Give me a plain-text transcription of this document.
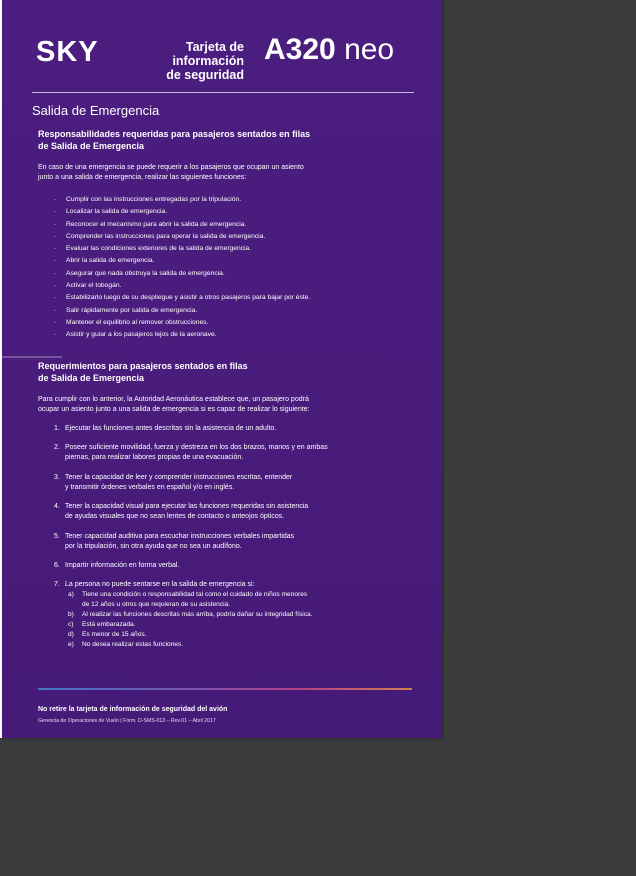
SKY	Tarjeta de información
de seguridad
A320 neo
Salida de Emergencia
Responsabilidades requeridas para pasajeros sentados en filas
de Salida de Emergencia
En caso de una emergencia se puede requerir a los pasajeros que ocupan un asiento
junto a una salida de emergencia, realizar las siguientes funciones:
· Cumplir con las instrucciones entregadas por la tripulación.
· Localizar la salida de emergencia.
· Reconocer el mecanismo para abrir la salida de emergencia.
· Comprender las instrucciones para operar la salida de emergencia.
· Evaluar las condiciones exteriores de la salida de emergencia.
· Abrir la salida de emergencia.
· Asegurar que nada obstruya la salida de emergencia.
· Activar el tobogán.
· Estabilizarlo luego de su despliegue y asistir a otros pasajeros para bajar por éste.
· Salir rápidamente por salida de emergencia.
· Mantener el equilibrio al remover obstrucciones.
· Asistir y guiar a los pasajeros lejos de la aeronave.
Requerimientos para pasajeros sentados en filas
de Salida de Emergencia
Para cumplir con lo anterior, la Autoridad Aeronáutica establece que, un pasajero podrá
ocupar un asiento junto a una salida de emergencia si es capaz de realizar lo siguiente:
1. Ejecutar las funciones antes descritas sin la asistencia de un adulto.
2. Poseer suficiente movilidad, fuerza y destreza en los dos brazos, manos y en ambas
piernas, para realizar labores propias de una evacuación.
3. Tener la capacidad de leer y comprender instrucciones escritas, entender
y transmitir órdenes verbales en español y/o en inglés.
4. Tener la capacidad visual para ejecutar las funciones requeridas sin asistencia
de ayudas visuales que no sean lentes de contacto o anteojos ópticos.
5. Tener capacidad auditiva para escuchar instrucciones verbales impartidas
por la tripulación, sin otra ayuda que no sea un audífono.
6. Impartir información en forma verbal.
7. La persona no puede sentarse en la salida de emergencia si:
a) Tiene una condición o responsabilidad tal como el cuidado de niños menores
de 12 años u otros que requieran de su asistencia.
b) Al realizar las funciones descritas más arriba, podría dañar su integridad física.
c) Está embarazada.
d) Es menor de 15 años.
e) No desea realizar estas funciones.
No retire la tarjeta de información de seguridad del avión
Gerencia de Operaciones de Vuelo | Form. D-SMS-013 – Rev.01 – Abril 2017
